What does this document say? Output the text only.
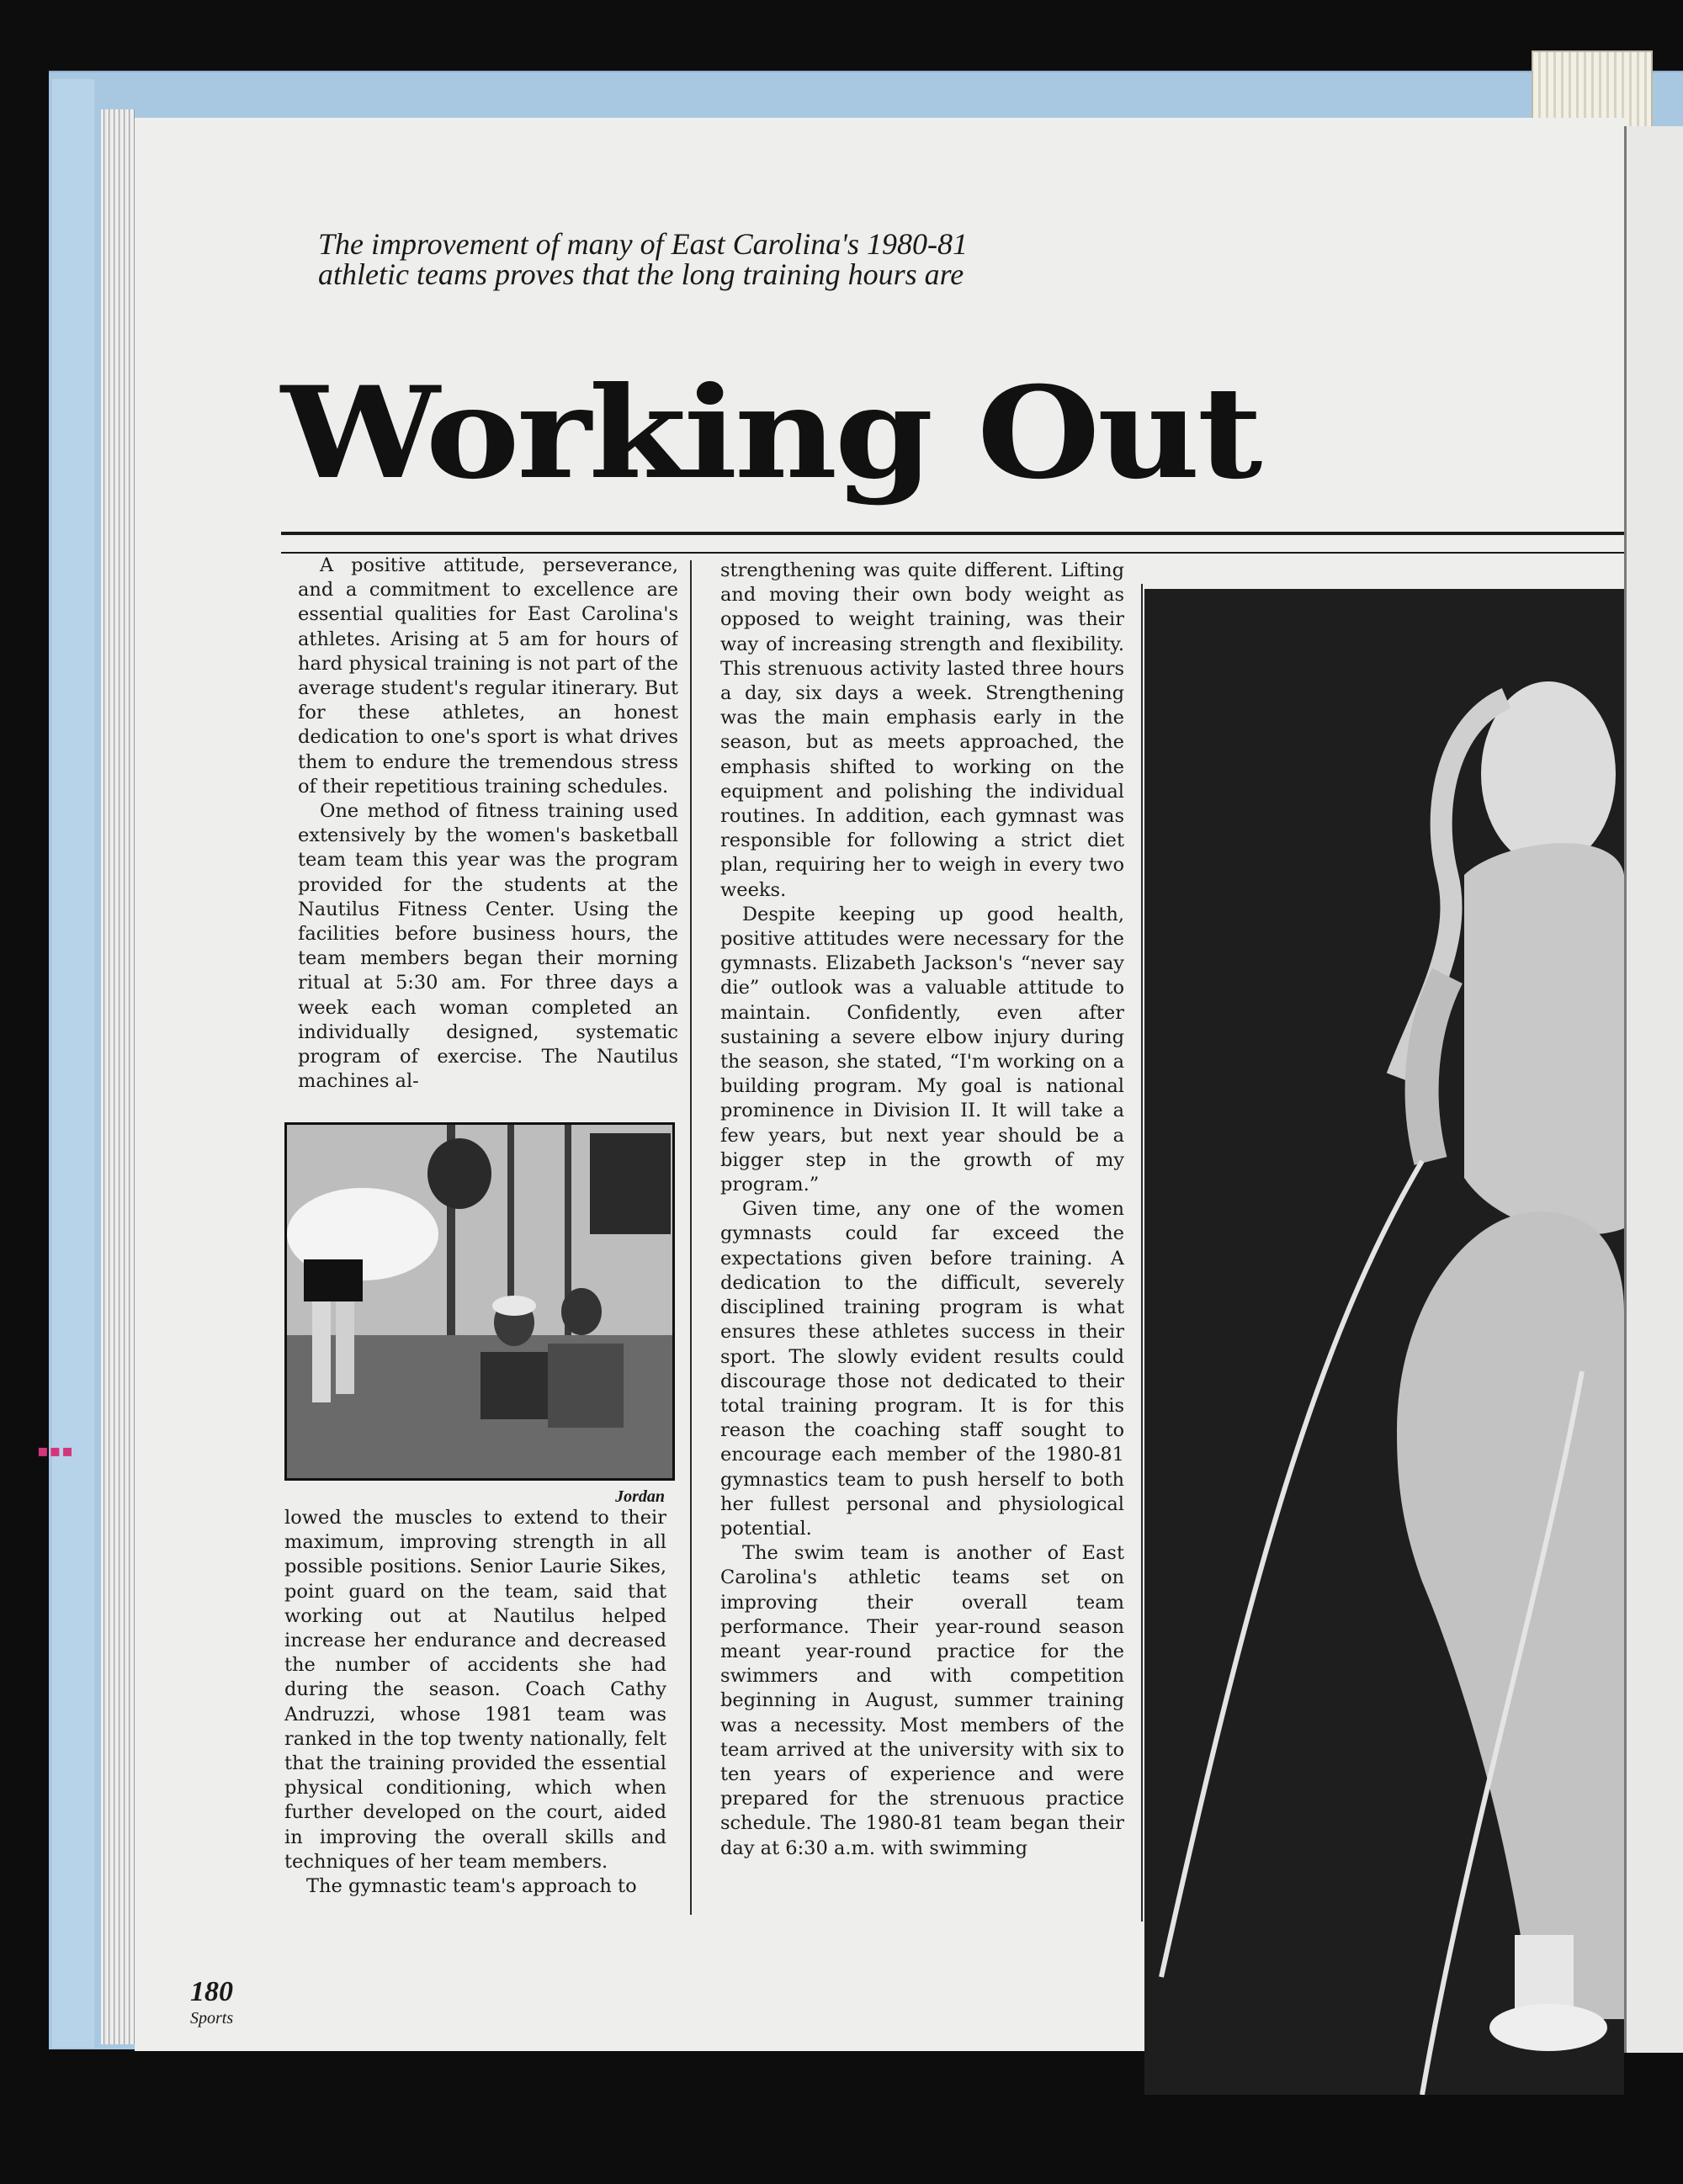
▪▪▪

The improvement of many of East Carolina's 1980-81 athletic teams proves that the long training hours are

Working Out

A positive attitude, perseverance, and a commitment to excellence are essential qualities for East Carolina's athletes. Arising at 5 am for hours of hard physical training is not part of the average student's regular itinerary. But for these athletes, an honest dedication to one's sport is what drives them to endure the tremendous stress of their repetitious training schedules.

One method of fitness training used extensively by the women's basketball team team this year was the program provided for the students at the Nautilus Fitness Center. Using the facilities before business hours, the team members began their morning ritual at 5:30 am. For three days a week each woman completed an individually designed, systematic program of exercise. The Nautilus machines al-

Jordan

lowed the muscles to extend to their maximum, improving strength in all possible positions. Senior Laurie Sikes, point guard on the team, said that working out at Nautilus helped increase her endurance and decreased the number of accidents she had during the season. Coach Cathy Andruzzi, whose 1981 team was ranked in the top twenty nationally, felt that the training provided the essential physical conditioning, which when further developed on the court, aided in improving the overall skills and techniques of her team members.

The gymnastic team's approach to

strengthening was quite different. Lifting and moving their own body weight as opposed to weight training, was their way of increasing strength and flexibility. This strenuous activity lasted three hours a day, six days a week. Strengthening was the main emphasis early in the season, but as meets approached, the emphasis shifted to working on the equipment and polishing the individual routines. In addition, each gymnast was responsible for following a strict diet plan, requiring her to weigh in every two weeks.

Despite keeping up good health, positive attitudes were necessary for the gymnasts. Elizabeth Jackson's “never say die” outlook was a valuable attitude to maintain. Confidently, even after sustaining a severe elbow injury during the season, she stated, “I'm working on a building program. My goal is national prominence in Division II. It will take a few years, but next year should be a bigger step in the growth of my program.”

Given time, any one of the women gymnasts could far exceed the expectations given before training. A dedication to the difficult, severely disciplined training program is what ensures these athletes success in their sport. The slowly evident results could discourage those not dedicated to their total training program. It is for this reason the coaching staff sought to encourage each member of the 1980-81 gymnastics team to push herself to both her fullest personal and physiological potential.

The swim team is another of East Carolina's athletic teams set on improving their overall team performance. Their year-round season meant year-round practice for the swimmers and with competition beginning in August, summer training was a necessity. Most members of the team arrived at the university with six to ten years of experience and were prepared for the strenuous practice schedule. The 1980-81 team began their day at 6:30 a.m. with swimming

180
Sports
